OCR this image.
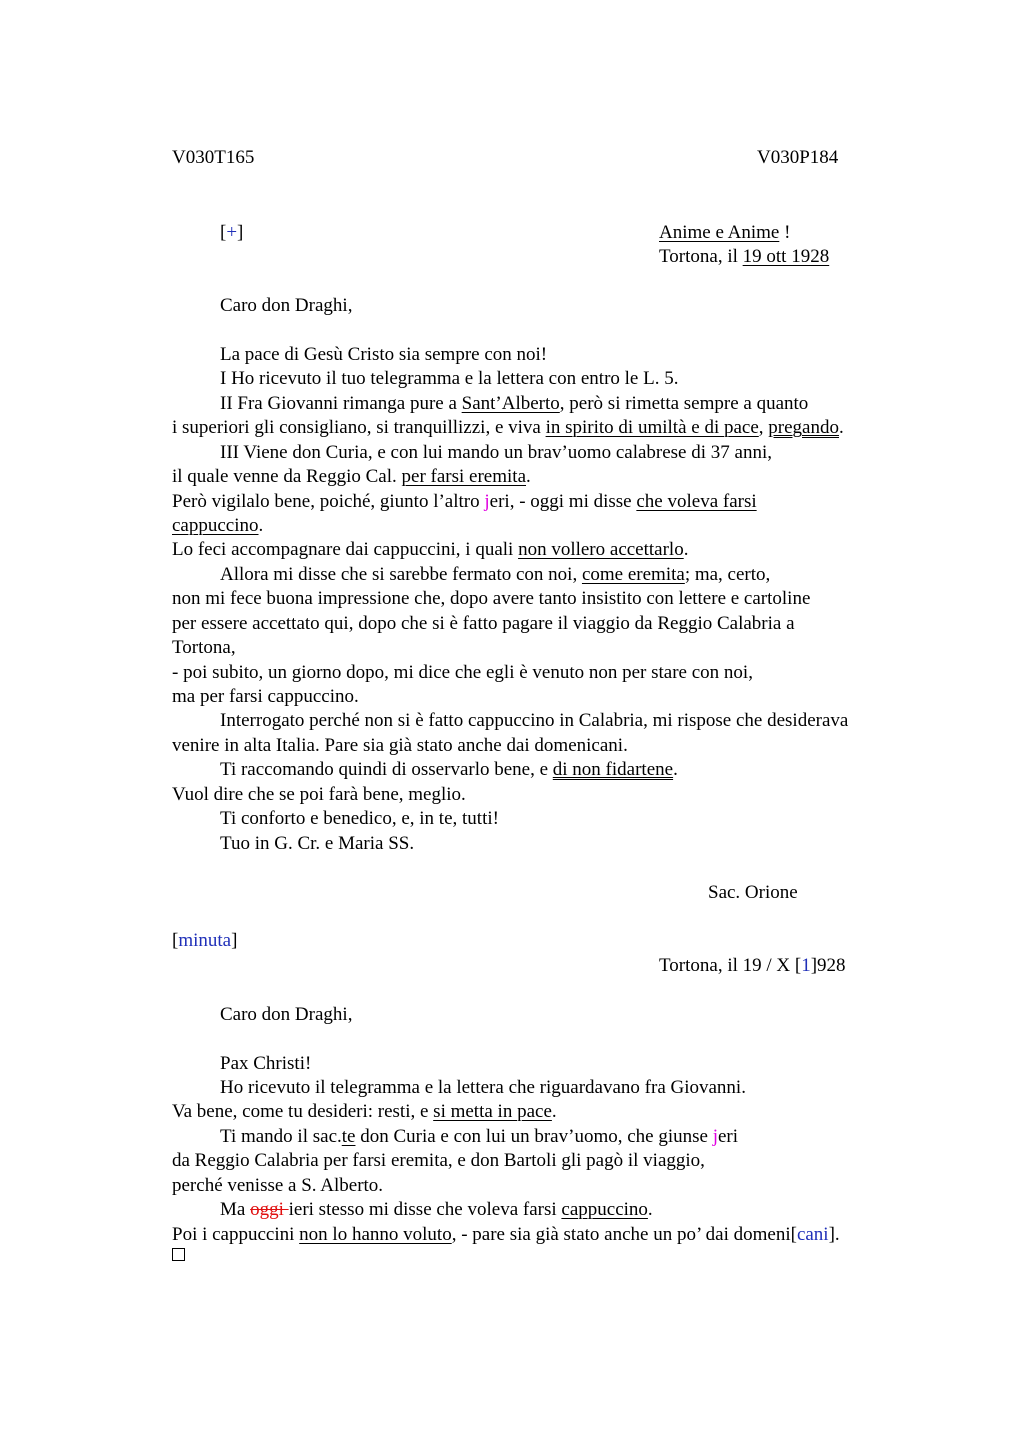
V030T165	V030P184
[+]	Anime e Anime !
Tortona, il 19 ott 1928
Caro don Draghi,
La pace di Gesù Cristo sia sempre con noi!
I Ho ricevuto il tuo telegramma e la lettera con entro le L. 5.
II Fra Giovanni rimanga pure a Sant’Alberto, però si rimetta sempre a quanto
i superiori gli consigliano, si tranquillizzi, e viva in spirito di umiltà e di pace, pregando.
III Viene don Curia, e con lui mando un brav’uomo calabrese di 37 anni,
il quale venne da Reggio Cal. per farsi eremita.
Però vigilalo bene, poiché, giunto l’altro jeri, - oggi mi disse che voleva farsi
cappuccino.
Lo feci accompagnare dai cappuccini, i quali non vollero accettarlo.
Allora mi disse che si sarebbe fermato con noi, come eremita; ma, certo,
non mi fece buona impressione che, dopo avere tanto insistito con lettere e cartoline
per essere accettato qui, dopo che si è fatto pagare il viaggio da Reggio Calabria a
Tortona,
- poi subito, un giorno dopo, mi dice che egli è venuto non per stare con noi,
ma per farsi cappuccino.
Interrogato perché non si è fatto cappuccino in Calabria, mi rispose che desiderava
venire in alta Italia. Pare sia già stato anche dai domenicani.
Ti raccomando quindi di osservarlo bene, e di non fidartene.
Vuol dire che se poi farà bene, meglio.
Ti conforto e benedico, e, in te, tutti!
Tuo in G. Cr. e Maria SS.
Sac. Orione
[minuta]
Tortona, il 19 / X [1]928
Caro don Draghi,
Pax Christi!
Ho ricevuto il telegramma e la lettera che riguardavano fra Giovanni.
Va bene, come tu desideri: resti, e si metta in pace.
Ti mando il sac.te don Curia e con lui un brav’uomo, che giunse jeri
da Reggio Calabria per farsi eremita, e don Bartoli gli pagò il viaggio,
perché venisse a S. Alberto.
Ma oggi ieri stesso mi disse che voleva farsi cappuccino.
Poi i cappuccini non lo hanno voluto, - pare sia già stato anche un po’ dai domeni[cani].
